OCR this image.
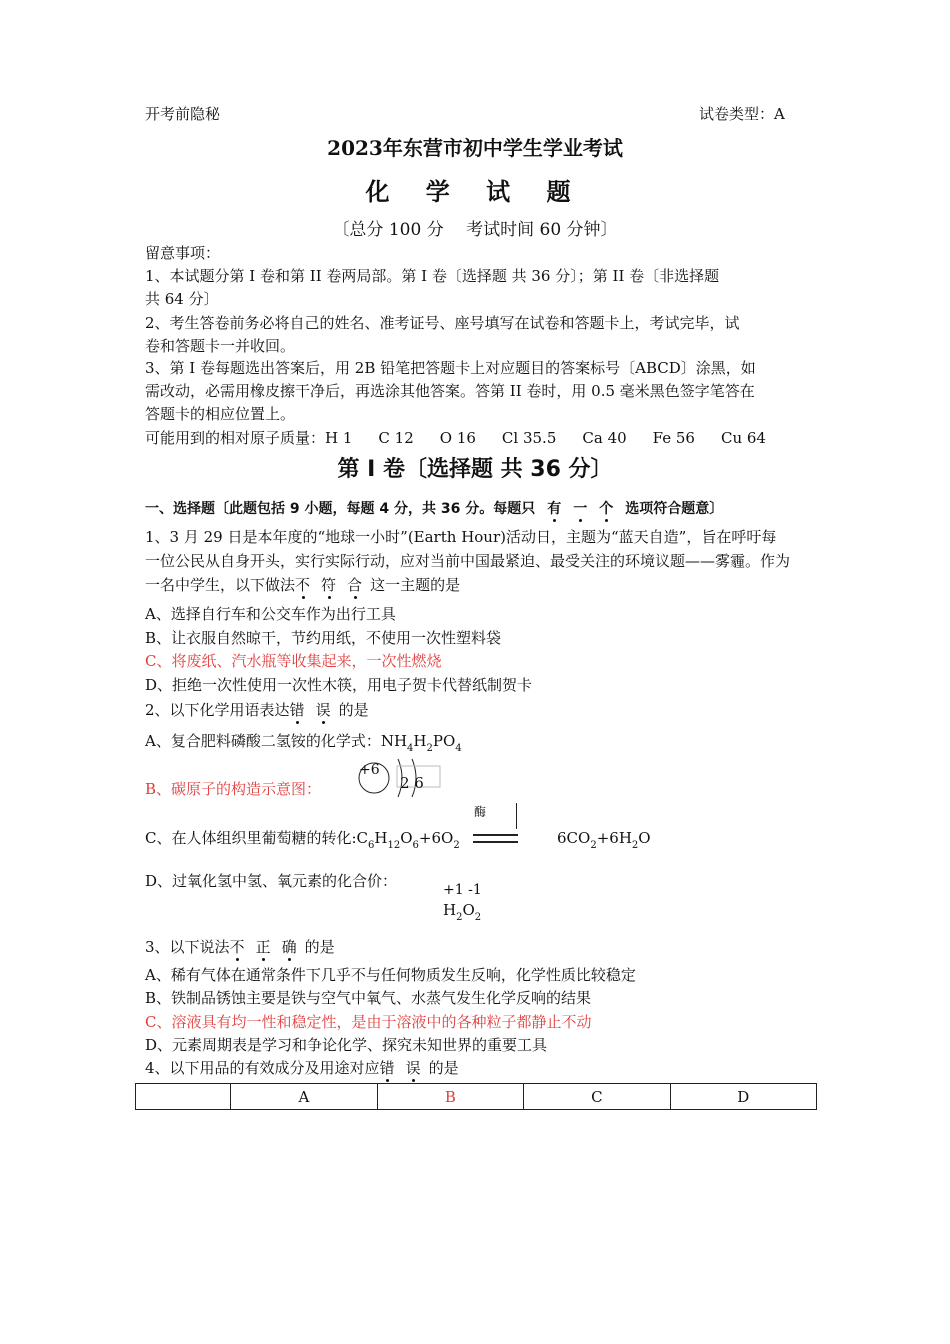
开考前隐秘	试卷类型：A
2023年东营市初中学生学业考试
化 学 试 题
〔总分 100 分　 考试时间 60 分钟〕
留意事项：
1、本试题分第 I 卷和第 II 卷两局部。第 I 卷〔选择题 共 36 分〕；第 II 卷〔非选择题
共 64 分〕
2、考生答卷前务必将自己的姓名、准考证号、座号填写在试卷和答题卡上，考试完毕，试
卷和答题卡一并收回。
3、第 I 卷每题选出答案后，用 2B 铅笔把答题卡上对应题目的答案标号〔ABCD〕涂黑，如
需改动，必需用橡皮擦干净后，再选涂其他答案。答第 II 卷时，用 0.5 毫米黑色签字笔答在
答题卡的相应位置上。
可能用到的相对原子质量：H 1 C 12 O 16 Cl 35.5 Ca 40 Fe 56 Cu 64
第 I 卷〔选择题 共 36 分〕
一、选择题〔此题包括 9 小题，每题 4 分，共 36 分。每题只 有 一 个 选项符合题意〕
1、3 月 29 日是本年度的“地球一小时”(Earth Hour)活动日，主题为“蓝天自造”，旨在呼吁每
一位公民从自身开头，实行实际行动，应对当前中国最紧迫、最受关注的环境议题——雾霾。作为
一名中学生，以下做法不 符 合 这一主题的是
A、选择自行车和公交车作为出行工具
B、让衣服自然晾干，节约用纸，不使用一次性塑料袋
C、将废纸、汽水瓶等收集起来，一次性燃烧
D、拒绝一次性使用一次性木筷，用电子贺卡代替纸制贺卡
2、以下化学用语表达错 误 的是
A、复合肥料磷酸二氢铵的化学式：$NH_4H_2PO_4$
B、碳原子的构造示意图：
+6
2 6
酶
C、在人体组织里葡萄糖的转化$:C_6H_{12}O_6+6O_2$	$6CO_2+6H_2O$
D、过氧化氢中氢、氧元素的化合价：	+1 -1
$H_2O_2$
3、以下说法不 正 确 的是
A、稀有气体在通常条件下几乎不与任何物质发生反响，化学性质比较稳定
B、铁制品锈蚀主要是铁与空气中氧气、水蒸气发生化学反响的结果
C、溶液具有均一性和稳定性，是由于溶液中的各种粒子都静止不动
D、元素周期表是学习和争论化学、探究未知世界的重要工具
4、以下用品的有效成分及用途对应错 误 的是
	A	B	C	D
